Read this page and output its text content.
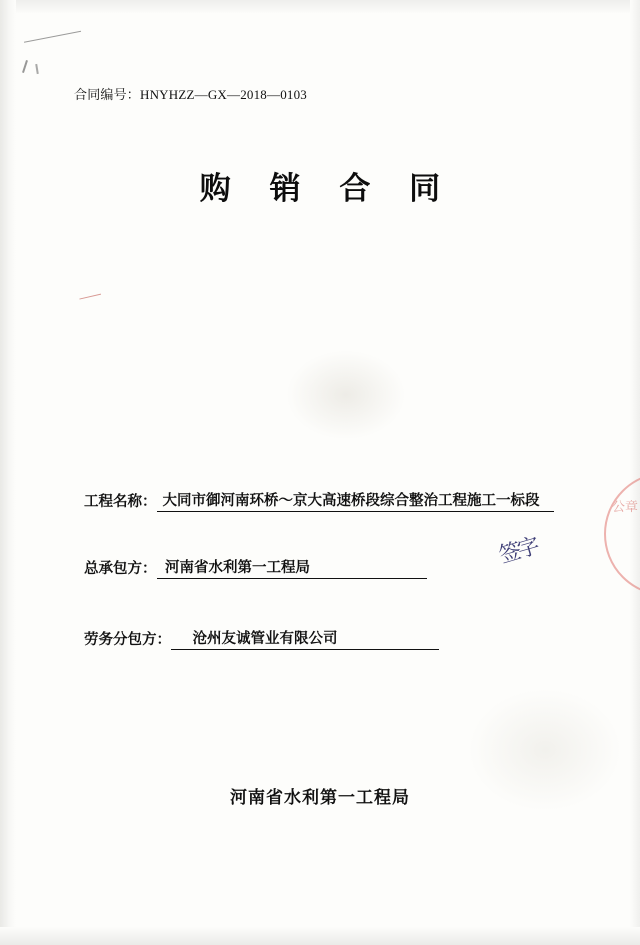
合同编号：HNYHZZ—GX—2018—0103
购 销 合 同
工程名称： 大同市御河南环桥～京大高速桥段综合整治工程施工一标段
总承包方： 河南省水利第一工程局
劳务分包方：	沧州友诚管业有限公司
签字
公章
河南省水利第一工程局
